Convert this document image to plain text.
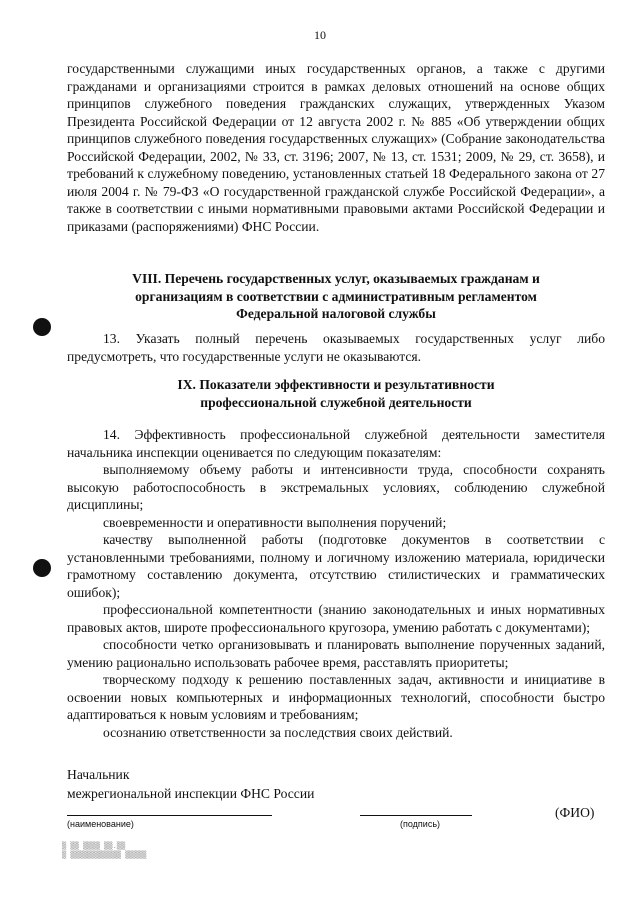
10

государственными служащими иных государственных органов, а также с другими гражданами и организациями строится в рамках деловых отношений на основе общих принципов служебного поведения гражданских служащих, утвержденных Указом Президента Российской Федерации от 12 августа 2002 г. № 885 «Об утверждении общих принципов служебного поведения государственных служащих» (Собрание законодательства Российской Федерации, 2002, № 33, ст. 3196; 2007, № 13, ст. 1531; 2009, № 29, ст. 3658), и требований к служебному поведению, установленных статьей 18 Федерального закона от 27 июля 2004 г. № 79-ФЗ «О государственной гражданской службе Российской Федерации», а также в соответствии с иными нормативными правовыми актами Российской Федерации и приказами (распоряжениями) ФНС России.

VIII. Перечень государственных услуг, оказываемых гражданам и
организациям в соответствии с административным регламентом
Федеральной налоговой службы

13. Указать полный перечень оказываемых государственных услуг либо предусмотреть, что государственные услуги не оказываются.

IX. Показатели эффективности и результативности
профессиональной служебной деятельности

14. Эффективность профессиональной служебной деятельности заместителя начальника инспекции оценивается по следующим показателям:

выполняемому объему работы и интенсивности труда, способности сохранять высокую работоспособность в экстремальных условиях, соблюдению служебной дисциплины;

своевременности и оперативности выполнения поручений;

качеству выполненной работы (подготовке документов в соответствии с установленными требованиями, полному и логичному изложению материала, юридически грамотному составлению документа, отсутствию стилистических и грамматических ошибок);

профессиональной компетентности (знанию законодательных и иных нормативных правовых актов, широте профессионального кругозора, умению работать с документами);

способности четко организовывать и планировать выполнение порученных заданий, умению рационально использовать рабочее время, расставлять приоритеты;

творческому подходу к решению поставленных задач, активности и инициативе в освоении новых компьютерных и информационных технологий, способности быстро адаптироваться к новым условиям и требованиям;

осознанию ответственности за последствия своих действий.

Начальник
межрегиональной инспекции ФНС России
(ФИО)
(наименование)	(подпись)
▒ ▒▒ ▒▒▒▒ ▒▒.▒▒
▒ ▒▒▒▒▒▒▒▒▒▒▒▒ ▒▒▒▒▒
